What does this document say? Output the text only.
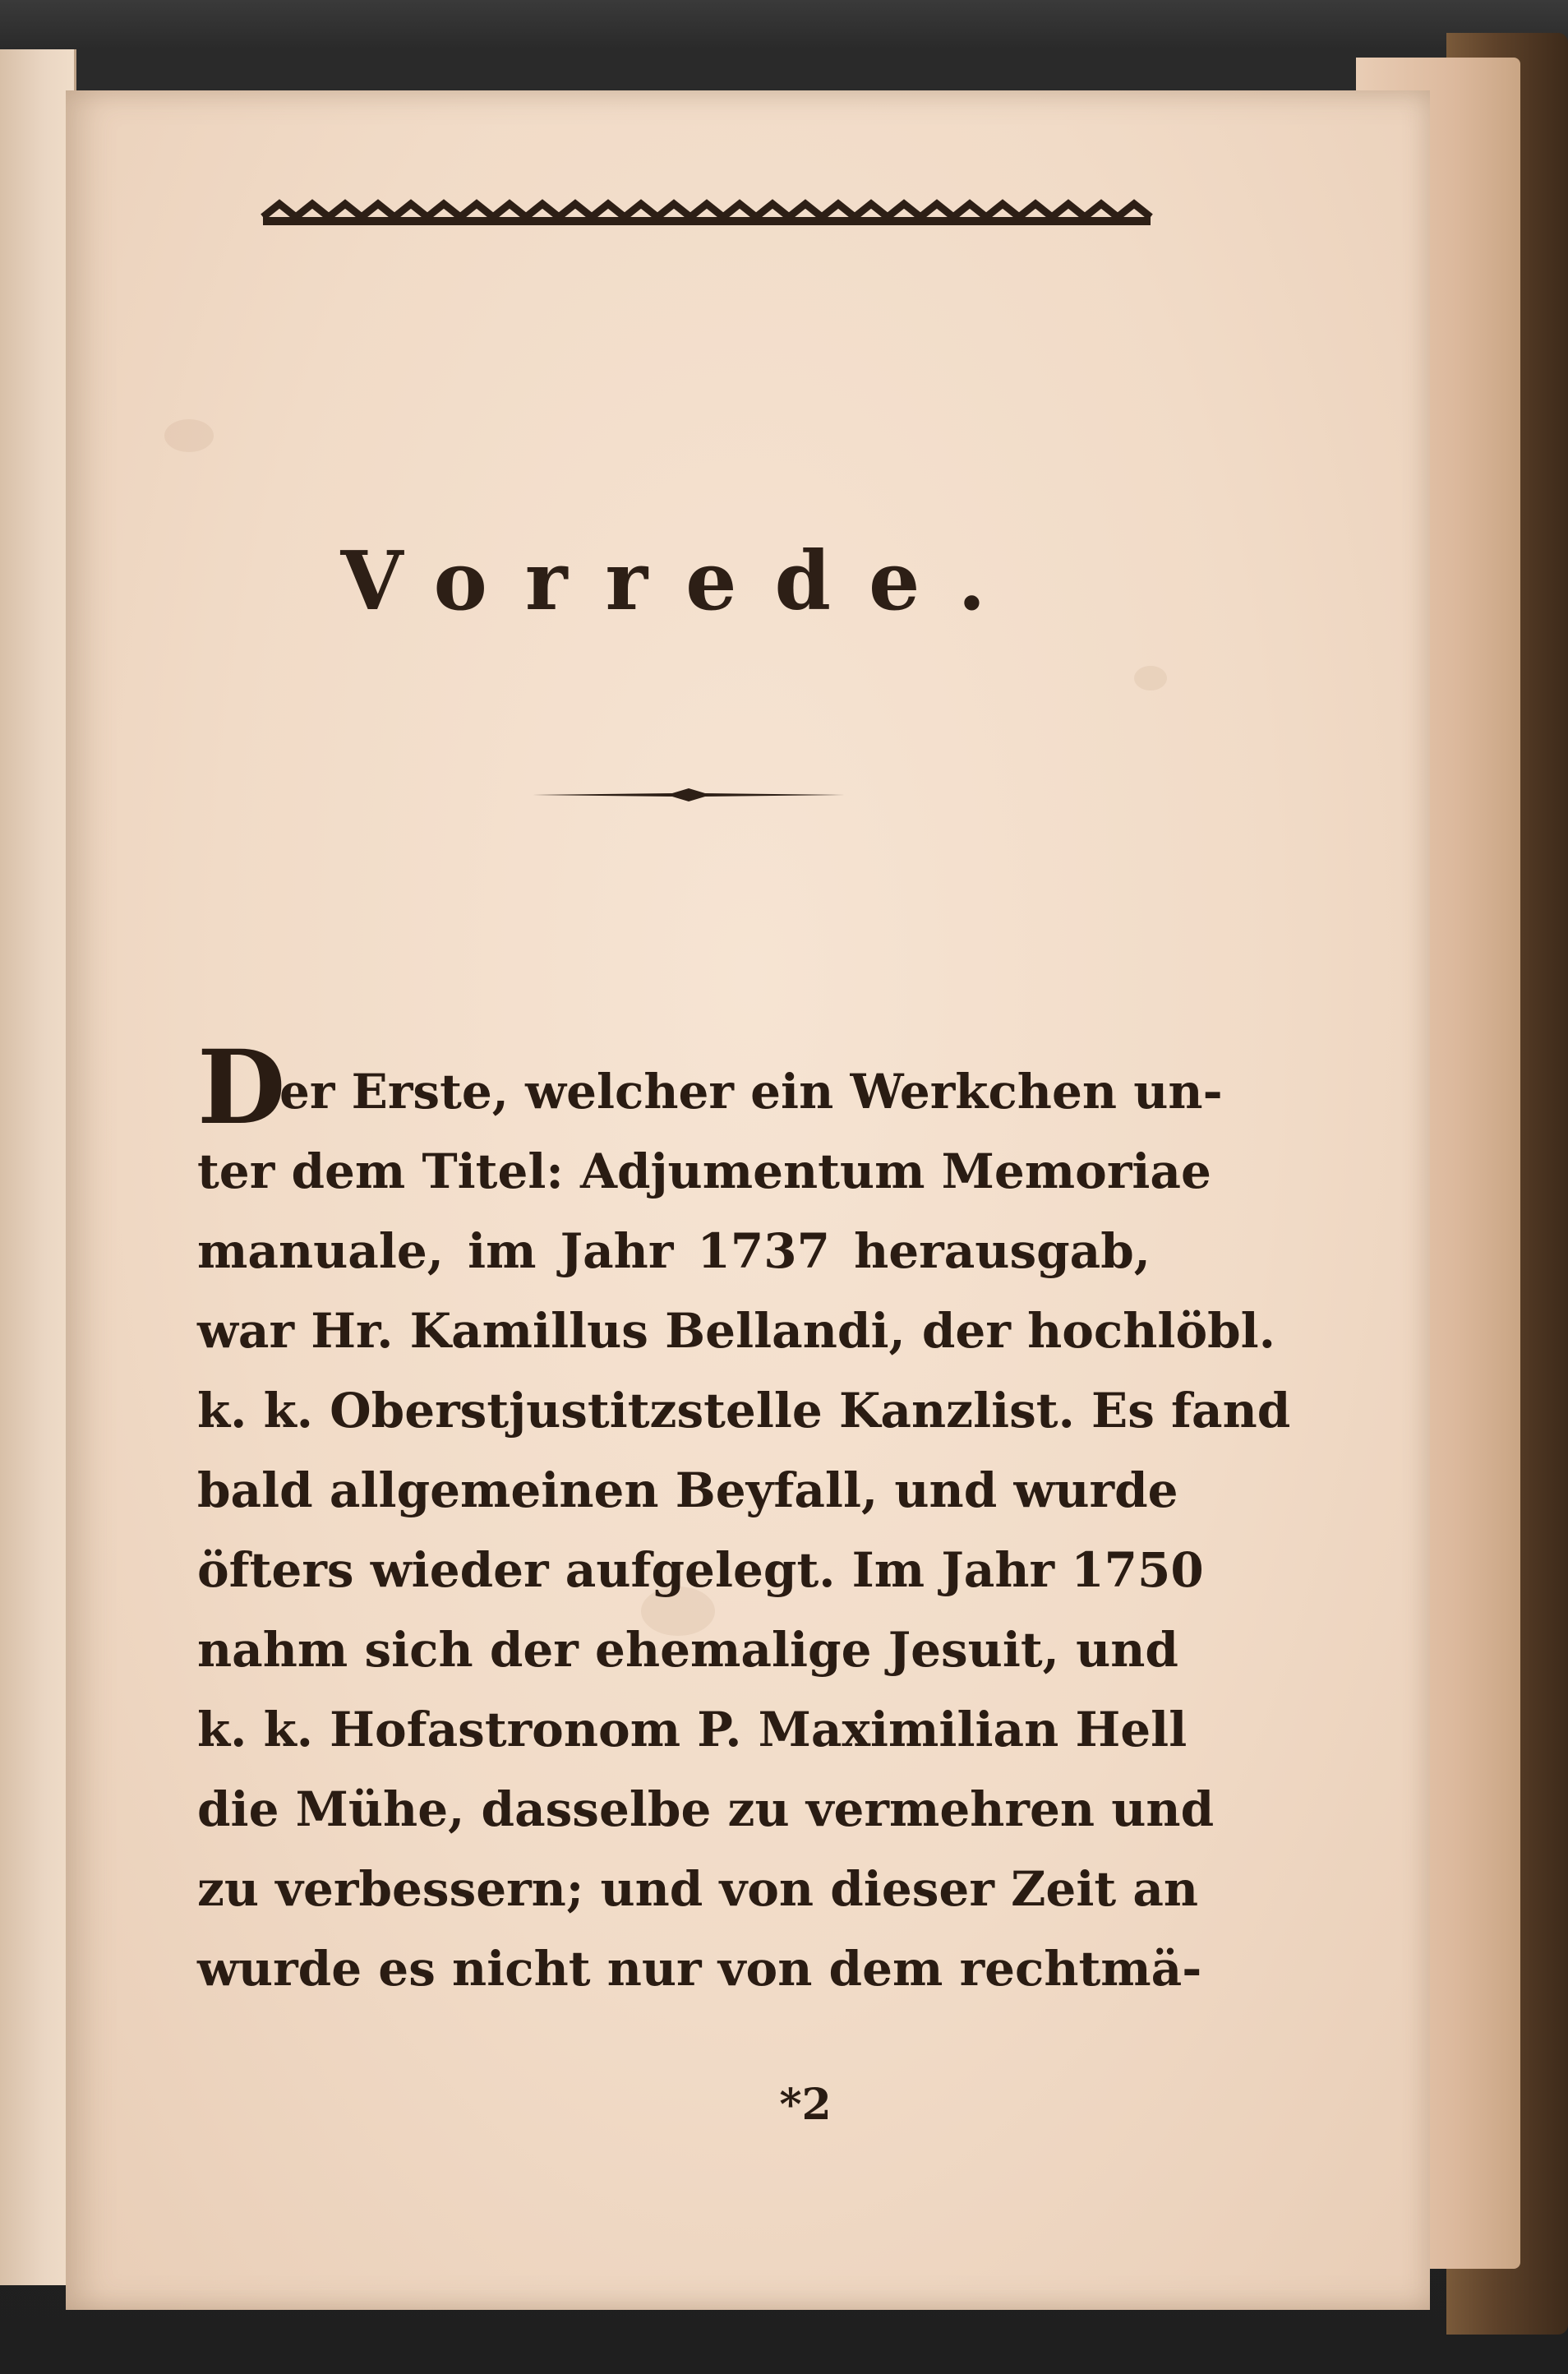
Vorrede.
D
er Erste, welcher ein Werkchen un-
ter dem Titel: Adjumentum Memoriae
manuale, im Jahr 1737 herausgab,
war Hr. Kamillus Bellandi, der hochlöbl.
k. k. Oberstjustitzstelle Kanzlist. Es fand
bald allgemeinen Beyfall, und wurde
öfters wieder aufgelegt. Im Jahr 1750
nahm sich der ehemalige Jesuit, und
k. k. Hofastronom P. Maximilian Hell
die Mühe, dasselbe zu vermehren und
zu verbessern; und von dieser Zeit an
wurde es nicht nur von dem rechtmä-
*2
